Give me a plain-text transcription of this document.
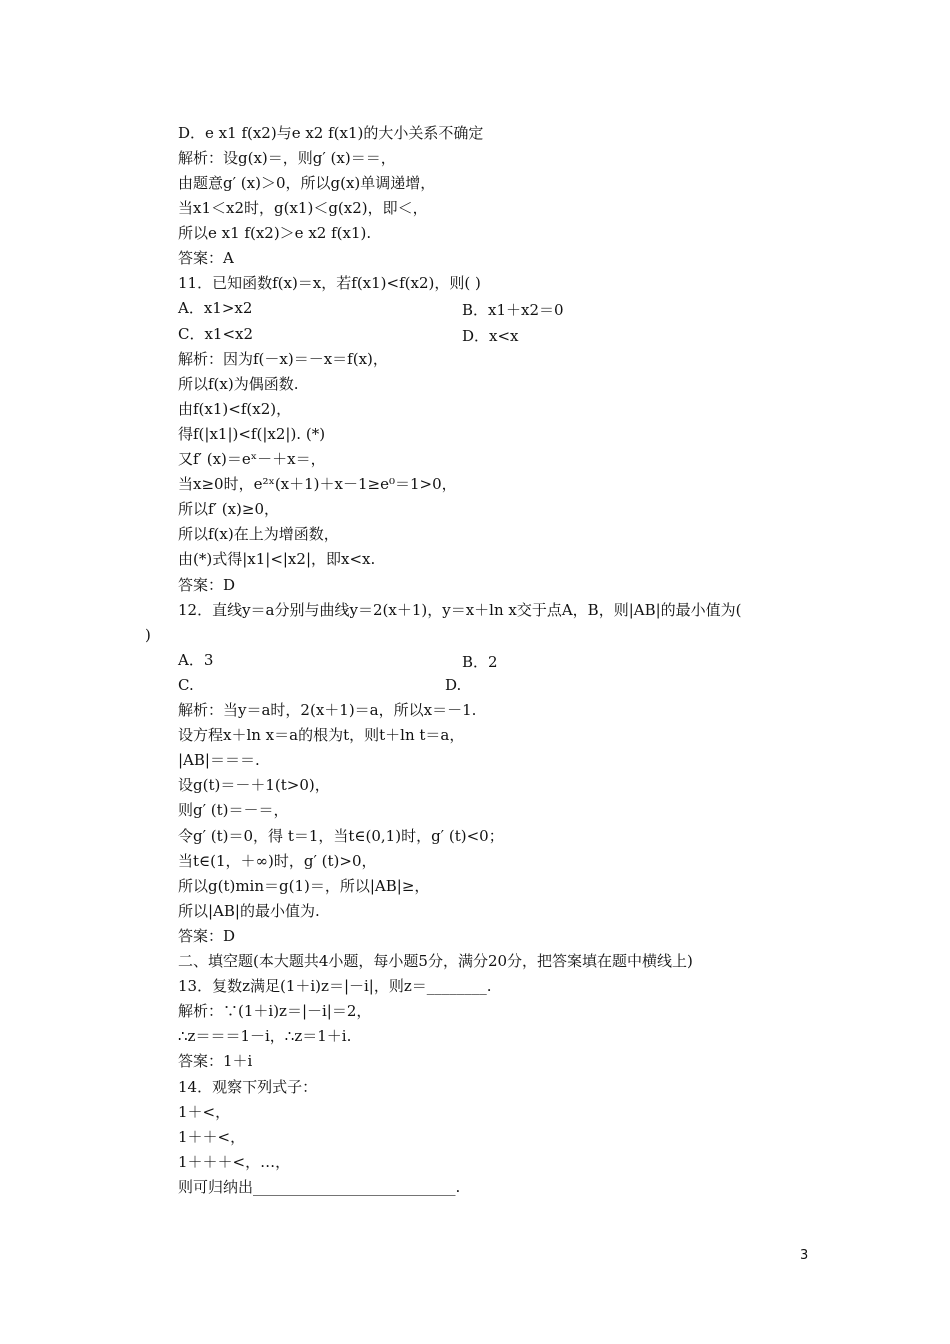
D．e x1 f(x2)与e x2 f(x1)的大小关系不确定
解析：设g(x)＝，则g′ (x)＝＝，
由题意g′ (x)＞0，所以g(x)单调递增，
当x1＜x2时，g(x1)＜g(x2)，即＜，
所以e x1 f(x2)＞e x2 f(x1).
答案：A
11．已知函数f(x)＝x，若f(x1)<f(x2)，则( )
A．x1>x2	B．x1＋x2＝0
C．x1<x2	D．x<x
解析：因为f(－x)＝－x＝f(x)，
所以f(x)为偶函数.
由f(x1)<f(x2)，
得f(|x1|)<f(|x2|). (*)
又f′ (x)＝eˣ－＋x＝，
当x≥0时，e²ˣ(x＋1)＋x－1≥e⁰＝1>0，
所以f′ (x)≥0，
所以f(x)在上为增函数，
由(*)式得|x1|<|x2|，即x<x.
答案：D
12．直线y＝a分别与曲线y＝2(x＋1)，y＝x＋ln x交于点A，B，则|AB|的最小值为(
)
A．3	B．2
C.	D.
解析：当y＝a时，2(x＋1)＝a，所以x＝－1.
设方程x＋ln x＝a的根为t，则t＋ln t＝a，
|AB|＝＝＝.
设g(t)＝－＋1(t>0)，
则g′ (t)＝－＝，
令g′ (t)＝0，得 t＝1，当t∈(0,1)时，g′ (t)<0；
当t∈(1，＋∞)时，g′ (t)>0，
所以g(t)min＝g(1)＝，所以|AB|≥，
所以|AB|的最小值为.
答案：D
二、填空题(本大题共4小题，每小题5分，满分20分，把答案填在题中横线上)
13．复数z满足(1＋i)z＝|－i|，则z＝________.
解析：∵(1＋i)z＝|－i|＝2，
∴z＝＝＝1－i，∴z＝1＋i.
答案：1＋i
14．观察下列式子：
1＋<，
1＋＋<，
1＋＋＋<，…，
则可归纳出___________________________.
3
